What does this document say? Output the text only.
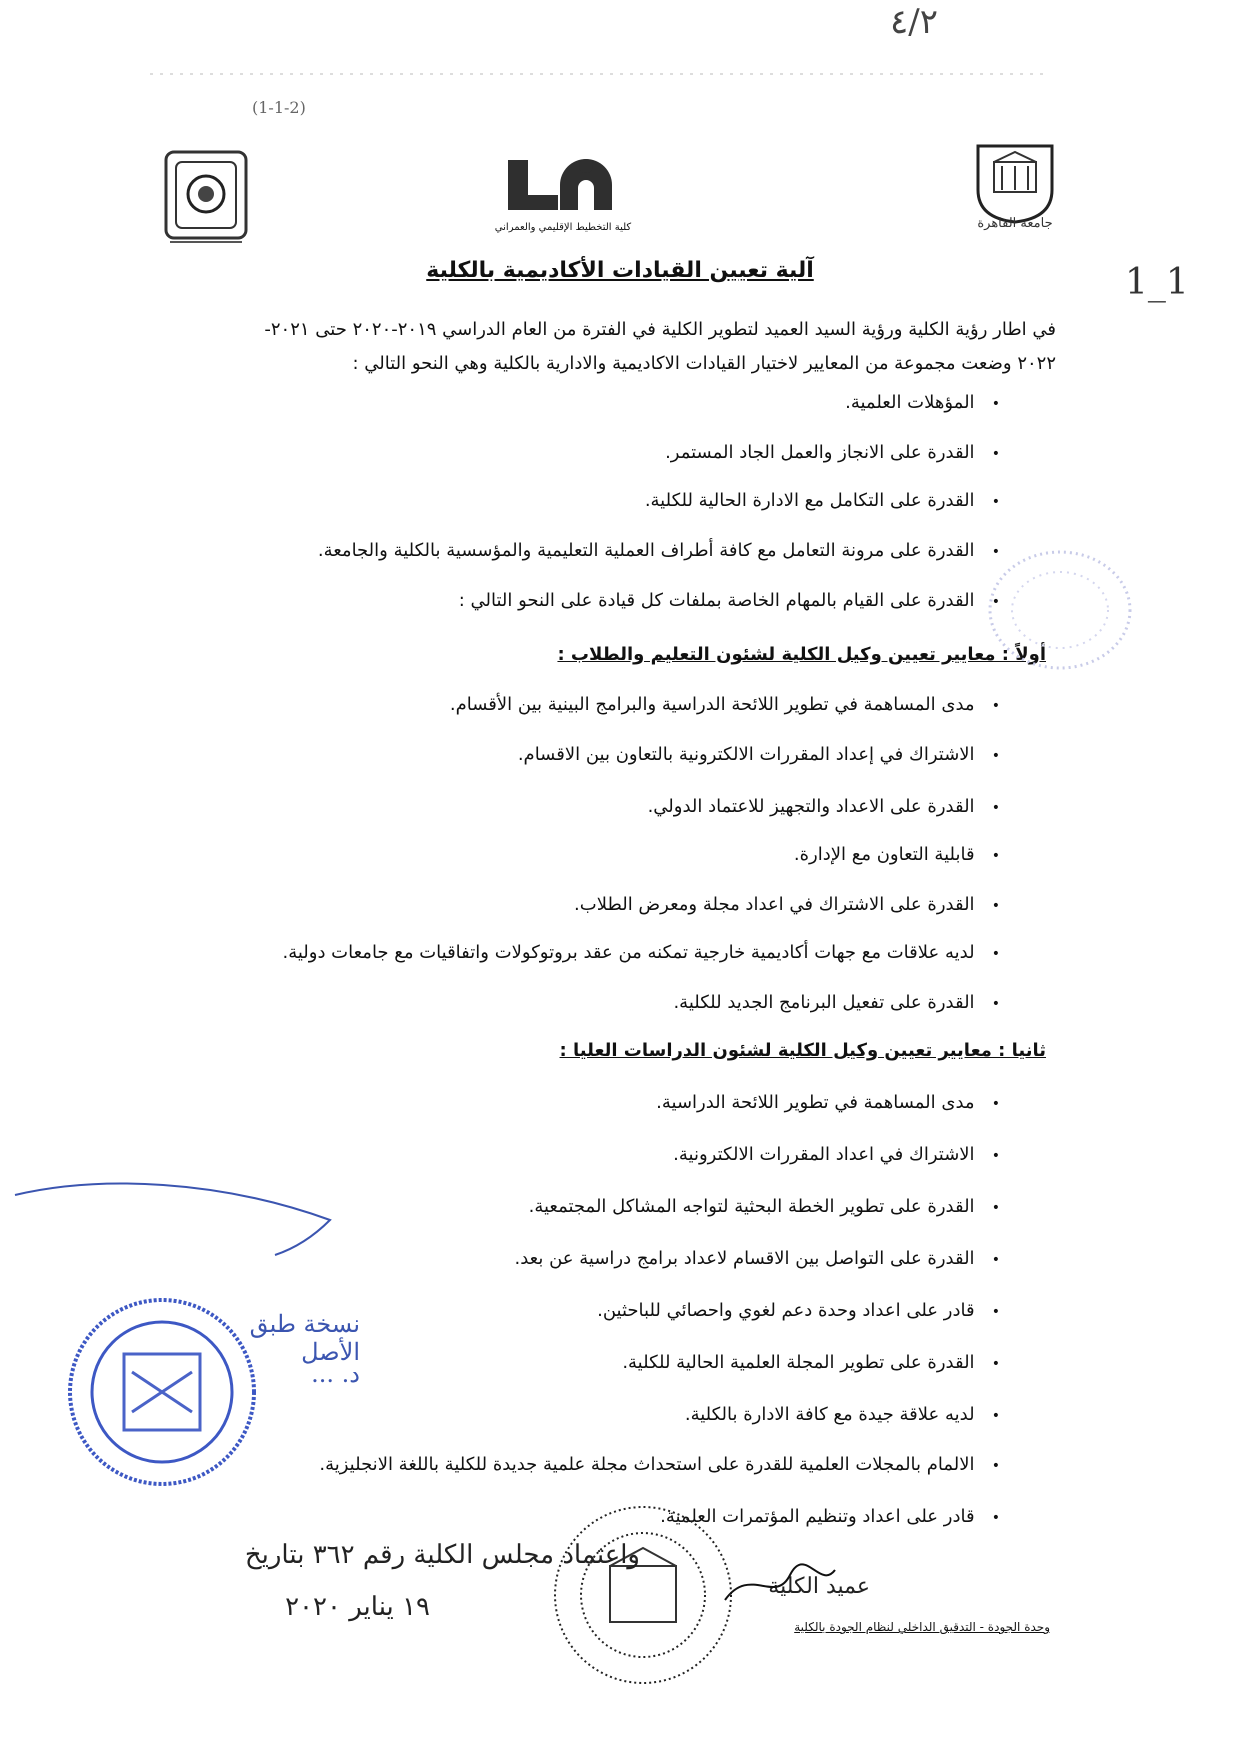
٤/٢
1_1
(1-1-2)
كلية التخطيط الإقليمي والعمراني	جامعة القاهرة
آلية تعيين القيادات الأكاديمية بالكلية
في اطار رؤية الكلية ورؤية السيد العميد لتطوير الكلية في الفترة من العام الدراسي ٢٠١٩-٢٠٢٠ حتى ٢٠٢١-
٢٠٢٢ وضعت مجموعة من المعايير لاختيار القيادات الاكاديمية والادارية بالكلية وهي النحو التالي :
•   المؤهلات العلمية.
•   القدرة على الانجاز والعمل الجاد المستمر.
•   القدرة على التكامل مع الادارة الحالية للكلية.
•   القدرة على مرونة التعامل مع كافة أطراف العملية التعليمية والمؤسسية بالكلية والجامعة.
•   القدرة على القيام بالمهام الخاصة بملفات كل قيادة على النحو التالي :
أولاً : معايير تعيين وكيل الكلية لشئون التعليم والطلاب :
•   مدى المساهمة في تطوير اللائحة الدراسية والبرامج البينية بين الأقسام.
•   الاشتراك في إعداد المقررات الالكترونية بالتعاون بين الاقسام.
•   القدرة على الاعداد والتجهيز للاعتماد الدولي.
•   قابلية التعاون مع الإدارة.
•   القدرة على الاشتراك في اعداد مجلة ومعرض الطلاب.
•   لديه علاقات مع جهات أكاديمية خارجية تمكنه من عقد بروتوكولات واتفاقيات مع جامعات دولية.
•   القدرة على تفعيل البرنامج الجديد للكلية.
ثانيا : معايير تعيين وكيل الكلية لشئون الدراسات العليا :
•   مدى المساهمة في تطوير اللائحة الدراسية.
•   الاشتراك في اعداد المقررات الالكترونية.
•   القدرة على تطوير الخطة البحثية لتواجه المشاكل المجتمعية.
•   القدرة على التواصل بين الاقسام لاعداد برامج دراسية عن بعد.
•   قادر على اعداد وحدة دعم لغوي واحصائي للباحثين.
•   القدرة على تطوير المجلة العلمية الحالية للكلية.
•   لديه علاقة جيدة مع كافة الادارة بالكلية.
•   الالمام بالمجلات العلمية للقدرة على استحداث مجلة علمية جديدة للكلية باللغة الانجليزية.
•   قادر على اعداد وتنظيم المؤتمرات العلمية.
نسخة طبق الأصل
د. ...
واعتماد مجلس الكلية رقم ٣٦٢ بتاريخ
١٩ يناير ٢٠٢٠
عميد الكلية
وحدة الجودة - التدقيق الداخلي لنظام الجودة بالكلية
